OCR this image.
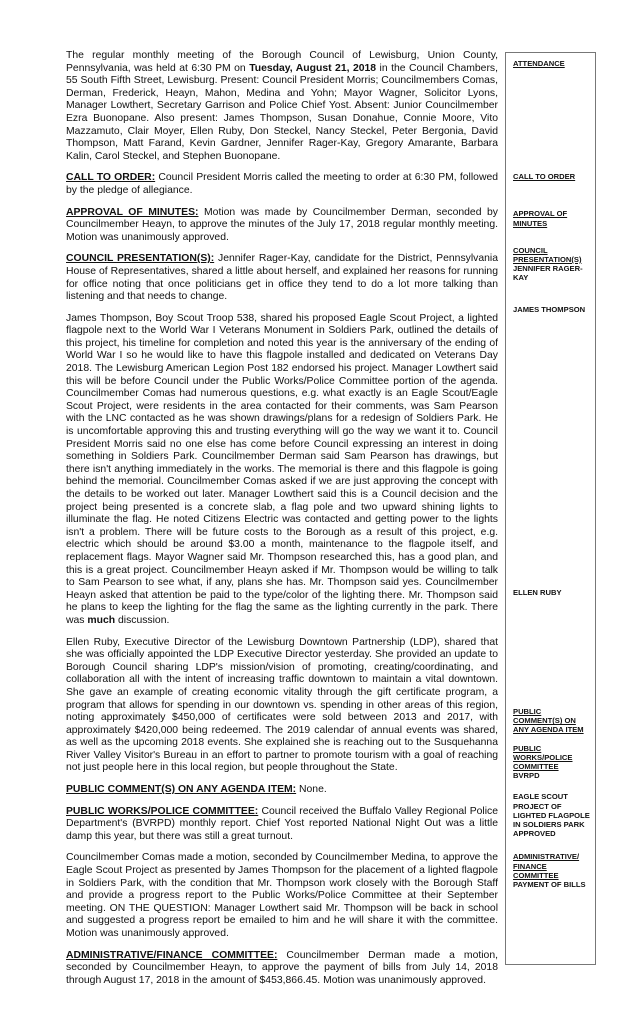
The regular monthly meeting of the Borough Council of Lewisburg, Union County, Pennsylvania, was held at 6:30 PM on Tuesday, August 21, 2018 in the Council Chambers, 55 South Fifth Street, Lewisburg. Present: Council President Morris; Councilmembers Comas, Derman, Frederick, Heayn, Mahon, Medina and Yohn; Mayor Wagner, Solicitor Lyons, Manager Lowthert, Secretary Garrison and Police Chief Yost. Absent: Junior Councilmember Ezra Buonopane. Also present: James Thompson, Susan Donahue, Connie Moore, Vito Mazzamuto, Clair Moyer, Ellen Ruby, Don Steckel, Nancy Steckel, Peter Bergonia, David Thompson, Matt Farand, Kevin Gardner, Jennifer Rager-Kay, Gregory Amarante, Barbara Kalin, Carol Steckel, and Stephen Buonopane.

CALL TO ORDER: Council President Morris called the meeting to order at 6:30 PM, followed by the pledge of allegiance.

APPROVAL OF MINUTES: Motion was made by Councilmember Derman, seconded by Councilmember Heayn, to approve the minutes of the July 17, 2018 regular monthly meeting. Motion was unanimously approved.

COUNCIL PRESENTATION(S): Jennifer Rager-Kay, candidate for the District, Pennsylvania House of Representatives, shared a little about herself, and explained her reasons for running for office noting that once politicians get in office they tend to do a lot more talking than listening and that needs to change.

James Thompson, Boy Scout Troop 538, shared his proposed Eagle Scout Project, a lighted flagpole next to the World War I Veterans Monument in Soldiers Park, outlined the details of this project, his timeline for completion and noted this year is the anniversary of the ending of World War I so he would like to have this flagpole installed and dedicated on Veterans Day 2018. The Lewisburg American Legion Post 182 endorsed his project. Manager Lowthert said this will be before Council under the Public Works/Police Committee portion of the agenda. Councilmember Comas had numerous questions, e.g. what exactly is an Eagle Scout/Eagle Scout Project, were residents in the area contacted for their comments, was Sam Pearson with the LNC contacted as he was shown drawings/plans for a redesign of Soldiers Park. He is uncomfortable approving this and trusting everything will go the way we want it to. Council President Morris said no one else has come before Council expressing an interest in doing something in Soldiers Park. Councilmember Derman said Sam Pearson has drawings, but there isn't anything immediately in the works. The memorial is there and this flagpole is going behind the memorial. Councilmember Comas asked if we are just approving the concept with the details to be worked out later. Manager Lowthert said this is a Council decision and the project being presented is a concrete slab, a flag pole and two upward shining lights to illuminate the flag. He noted Citizens Electric was contacted and getting power to the lights isn't a problem. There will be future costs to the Borough as a result of this project, e.g. electric which should be around $3.00 a month, maintenance to the flagpole itself, and replacement flags. Mayor Wagner said Mr. Thompson researched this, has a good plan, and this is a great project. Councilmember Heayn asked if Mr. Thompson would be willing to talk to Sam Pearson to see what, if any, plans she has. Mr. Thompson said yes. Councilmember Heayn asked that attention be paid to the type/color of the lighting there. Mr. Thompson said he plans to keep the lighting for the flag the same as the lighting currently in the park. There was much discussion.

Ellen Ruby, Executive Director of the Lewisburg Downtown Partnership (LDP), shared that she was officially appointed the LDP Executive Director yesterday. She provided an update to Borough Council sharing LDP's mission/vision of promoting, creating/coordinating, and collaboration all with the intent of increasing traffic downtown to maintain a vital downtown. She gave an example of creating economic vitality through the gift certificate program, a program that allows for spending in our downtown vs. spending in other areas of this region, noting approximately $450,000 of certificates were sold between 2013 and 2017, with approximately $420,000 being redeemed. The 2019 calendar of annual events was shared, as well as the upcoming 2018 events. She explained she is reaching out to the Susquehanna River Valley Visitor's Bureau in an effort to partner to promote tourism with a goal of reaching not just people here in this local region, but people throughout the State.

PUBLIC COMMENT(S) ON ANY AGENDA ITEM: None.

PUBLIC WORKS/POLICE COMMITTEE: Council received the Buffalo Valley Regional Police Department's (BVRPD) monthly report. Chief Yost reported National Night Out was a little damp this year, but there was still a great turnout.

Councilmember Comas made a motion, seconded by Councilmember Medina, to approve the Eagle Scout Project as presented by James Thompson for the placement of a lighted flagpole in Soldiers Park, with the condition that Mr. Thompson work closely with the Borough Staff and provide a progress report to the Public Works/Police Committee at their September meeting. ON THE QUESTION: Manager Lowthert said Mr. Thompson will be back in school and suggested a progress report be emailed to him and he will share it with the committee. Motion was unanimously approved.

ADMINISTRATIVE/FINANCE COMMITTEE: Councilmember Derman made a motion, seconded by Councilmember Heayn, to approve the payment of bills from July 14, 2018 through August 17, 2018 in the amount of $453,866.45. Motion was unanimously approved.

ATTENDANCE
CALL TO ORDER
APPROVAL OF MINUTES
COUNCIL PRESENTATION(S)
JENNIFER RAGER-KAY
JAMES THOMPSON
ELLEN RUBY
PUBLIC COMMENT(S) ON ANY AGENDA ITEM
PUBLIC WORKS/POLICE COMMITTEE
BVRPD
EAGLE SCOUT PROJECT OF LIGHTED FLAGPOLE IN SOLDIERS PARK APPROVED
ADMINISTRATIVE/ FINANCE COMMITTEE
PAYMENT OF BILLS
